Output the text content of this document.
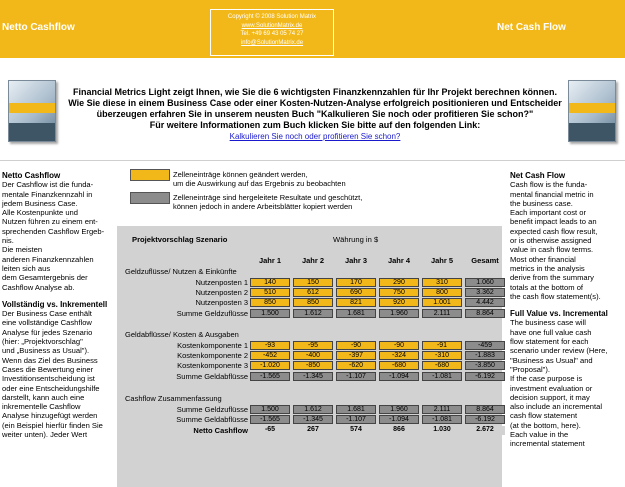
Netto Cashflow
Copyright © 2008 Solution Matrix
www.SolutionMatrix.de
Tel. +49 69 43 05 74 27
info@SolutionMatrix.de
Net Cash Flow
Financial Metrics Light zeigt Ihnen, wie Sie die 6 wichtigsten Finanzkennzahlen für Ihr Projekt berechnen können.
Wie Sie diese in einem Business Case oder einer Kosten-Nutzen-Analyse erfolgreich positionieren und Entscheider
überzeugen erfahren Sie in unserem neusten Buch "Kalkulieren Sie noch oder profitieren Sie schon?"
Für weitere Informationen zum Buch klicken Sie bitte auf den folgenden Link:
Kalkulieren Sie noch oder profitieren Sie schon?
Netto Cashflow
Der Cashflow ist die funda-
mentale Finanzkennzahl in
jedem Business Case.
Alle Kostenpunkte und
Nutzen führen zu einem ent-
sprechenden Cashflow Ergeb-
nis.
Die meisten
anderen Finanzkennzahlen
leiten sich aus
dem Gesamtergebnis der
Cashflow Analyse ab.
Vollständig vs. Inkrementell
Der Business Case enthält
eine vollständige Cashflow
Analyse für jedes Szenario
(hier: „Projektvorschlag"
und „Business as Usual").
Wenn das Ziel des Business
Cases die Bewertung einer
Investitionsentscheidung ist
oder eine Entscheidungshilfe
darstellt, kann auch eine
inkrementelle Cashflow
Analyse hinzugefügt werden
(ein Beispiel hierfür finden Sie
weiter unten). Jeder Wert
Net Cash Flow
Cash flow is the funda-
mental financial metric in
the business case.
Each important cost or
benefit impact leads to an
expected cash flow result,
or is otherwise assigned
value in cash flow terms.
Most other financial
metrics in the analysis
derive from the summary
totals at the bottom of
the cash flow statement(s).
Full Value vs. Incremental
The business case will
have one full value cash
flow statement for each
scenario under review (Here,
"Business as Usual" and
"Proposal").
If the case purpose is
investment evaluation or
decision support, it may
also include an incremental
cash flow statement
(at the bottom, here).
Each value in the
incremental statement
Zelleneinträge können geändert werden,
um die Auswirkung auf das Ergebnis zu beobachten
Zelleneinträge sind hergeleitete Resultate und geschützt,
können jedoch in andere Arbeitsblätter kopiert werden
Projektvorschlag Szenario	Währung in $
Jahr 1	Jahr 2	Jahr 3	Jahr 4	Jahr 5	Gesamt
Geldzuflüsse/ Nutzen & Einkünfte
Nutzenposten 1	140	150	170	290	310	1.060
Nutzenposten 2	510	612	690	750	800	3.362
Nutzenposten 3	850	850	821	920	1.001	4.442
Summe Geldzuflüsse	1.500	1.612	1.681	1.960	2.111	8.864
Geldabflüsse/ Kosten & Ausgaben
Kostenkomponente 1	-93	-95	-90	-90	-91	-459
Kostenkomponente 2	-452	-400	-397	-324	-310	-1.883
Kostenkomponente 3	-1.020	-850	-620	-680	-680	-3.850
Summe Geldabflüsse	-1.565	-1.345	-1.107	-1.094	-1.081	-6.192
Cashflow Zusammenfassung
Summe Geldzuflüsse	1.500	1.612	1.681	1.960	2.111	8.864
Summe Geldabflüsse	-1.565	-1.345	-1.107	-1.094	-1.081	-6.192
Netto Cashflow	-65	267	574	866	1.030	2.672
